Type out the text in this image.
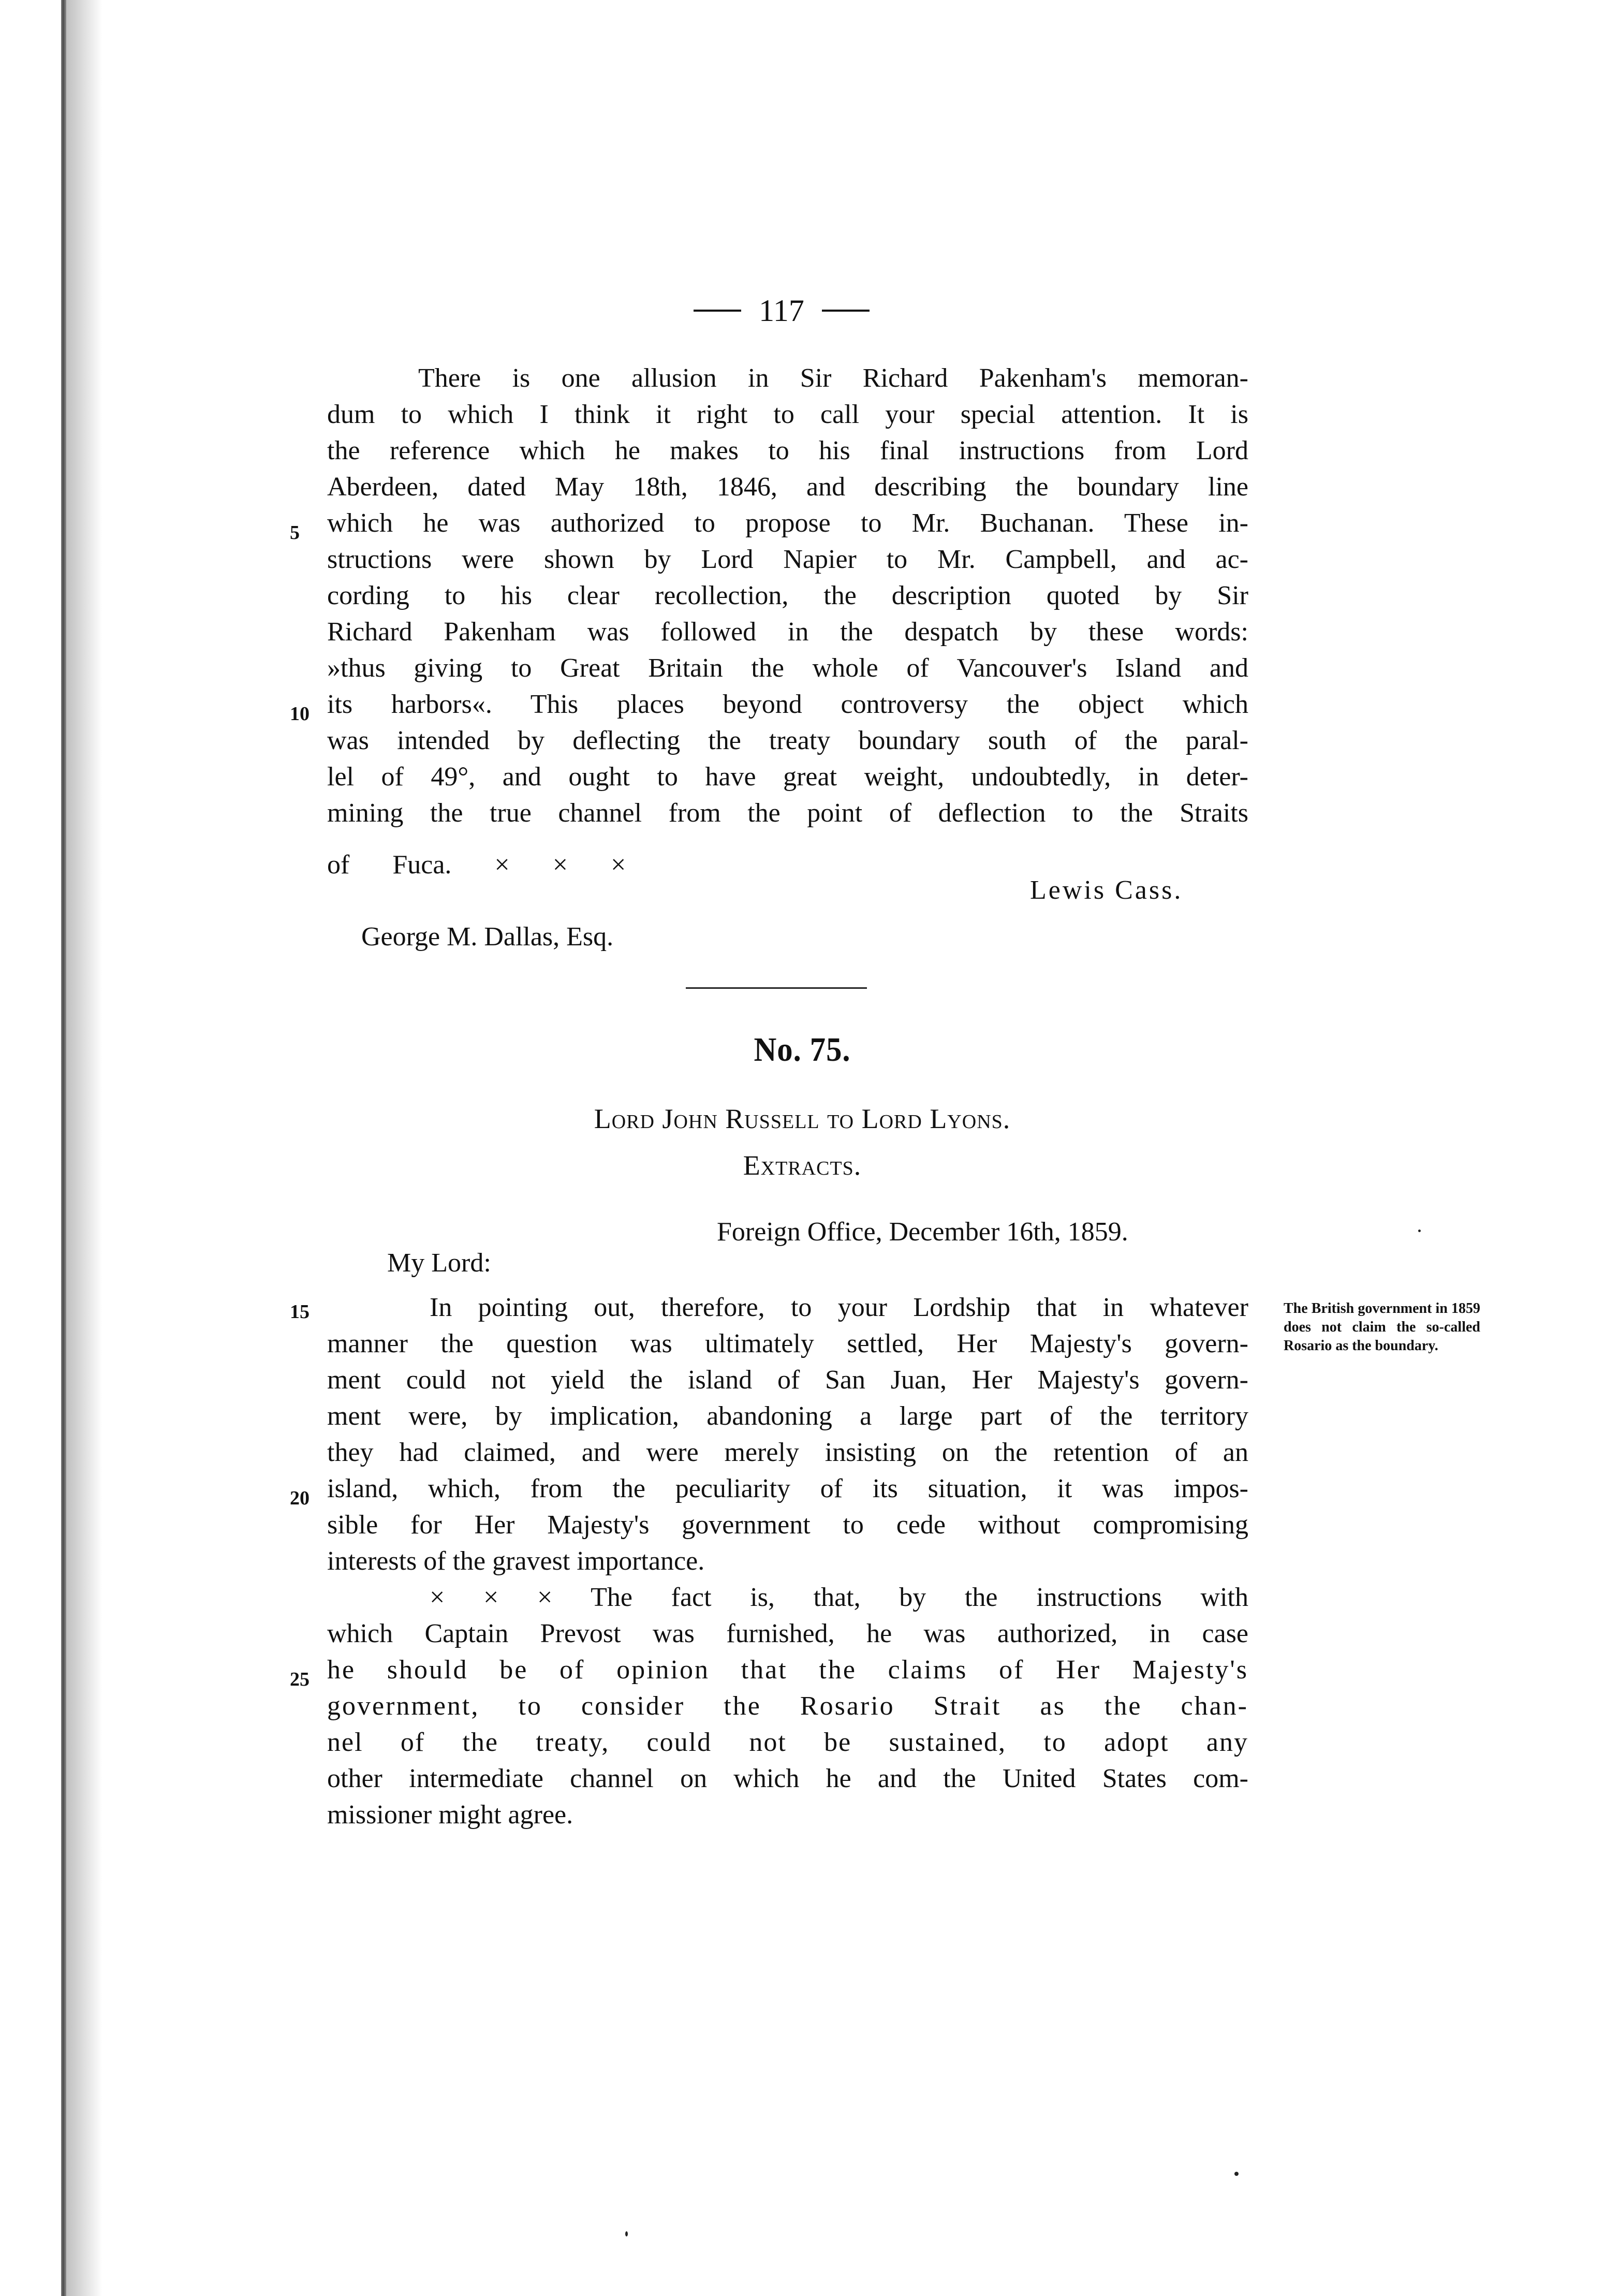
117
There is one allusion in Sir Richard Pakenham's memoran-
dum to which I think it right to call your special attention. It is
the reference which he makes to his final instructions from Lord
Aberdeen, dated May 18th, 1846, and describing the boundary line
which he was authorized to propose to Mr. Buchanan. These in-
structions were shown by Lord Napier to Mr. Campbell, and ac-
cording to his clear recollection, the description quoted by Sir
Richard Pakenham was followed in the despatch by these words:
»thus giving to Great Britain the whole of Vancouver's Island and
its harbors«. This places beyond controversy the object which
was intended by deflecting the treaty boundary south of the paral-
lel of 49°, and ought to have great weight, undoubtedly, in deter-
mining the true channel from the point of deflection to the Straits
of Fuca. × × ×
5
10
Lewis Cass.
George M. Dallas, Esq.
No. 75.
Lord John Russell to Lord Lyons.
Extracts.
Foreign Office, December 16th, 1859.
My Lord:
In pointing out, therefore, to your Lordship that in whatever
manner the question was ultimately settled, Her Majesty's govern-
ment could not yield the island of San Juan, Her Majesty's govern-
ment were, by implication, abandoning a large part of the territory
they had claimed, and were merely insisting on the retention of an
island, which, from the peculiarity of its situation, it was impos-
sible for Her Majesty's government to cede without compromising
interests of the gravest importance.
× × × The fact is, that, by the instructions with
which Captain Prevost was furnished, he was authorized, in case
he should be of opinion that the claims of Her Majesty's
government, to consider the Rosario Strait as the chan-
nel of the treaty, could not be sustained, to adopt any
other intermediate channel on which he and the United States com-
missioner might agree.
15
20
25
The British government in 1859 does not claim the so-called Rosario as the boundary.
